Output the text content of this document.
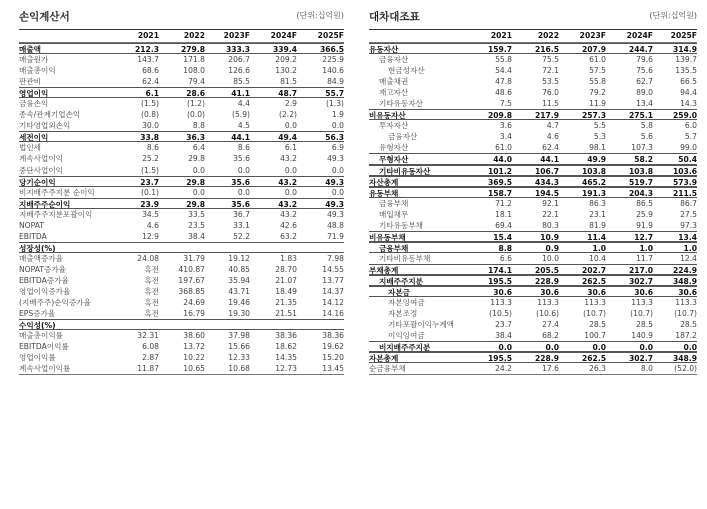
손익계산서	(단위:십억원)
2021	2022	2023F	2024F	2025F
매출액	212.3	279.8	333.3	339.4	366.5
매출원가	143.7	171.8	206.7	209.2	225.9
매출총이익	68.6	108.0	126.6	130.2	140.6
판관비	62.4	79.4	85.5	81.5	84.9
영업이익	6.1	28.6	41.1	48.7	55.7
금융손익	(1.5)	(1.2)	4.4	2.9	(1.3)
종속/관계기업손익	(0.8)	(0.0)	(5.9)	(2.2)	1.9
기타영업외손익	30.0	8.8	4.5	0.0	0.0
세전이익	33.8	36.3	44.1	49.4	56.3
법인세	8.6	6.4	8.6	6.1	6.9
계속사업이익	25.2	29.8	35.6	43.2	49.3
중단사업이익	(1.5)	0.0	0.0	0.0	0.0
당기순이익	23.7	29.8	35.6	43.2	49.3
비지배주주지분 순이익	(0.1)	0.0	0.0	0.0	0.0
지배주주순이익	23.9	29.8	35.6	43.2	49.3
지배주주지분포괄이익	34.5	33.5	36.7	43.2	49.3
NOPAT	4.6	23.5	33.1	42.6	48.8
EBITDA	12.9	38.4	52.2	63.2	71.9
성장성(%)
매출액증가율	24.08	31.79	19.12	1.83	7.98
NOPAT증가율	흑전	410.87	40.85	28.70	14.55
EBITDA증가율	흑전	197.67	35.94	21.07	13.77
영업이익증가율	흑전	368.85	43.71	18.49	14.37
(지배주주)순익증가율	흑전	24.69	19.46	21.35	14.12
EPS증가율	흑전	16.79	19.30	21.51	14.16
수익성(%)
매출총이익률	32.31	38.60	37.98	38.36	38.36
EBITDA이익률	6.08	13.72	15.66	18.62	19.62
영업이익률	2.87	10.22	12.33	14.35	15.20
계속사업이익률	11.87	10.65	10.68	12.73	13.45
대차대조표	(단위:십억원)
2021	2022	2023F	2024F	2025F
유동자산	159.7	216.5	207.9	244.7	314.9
금융자산	55.8	75.5	61.0	79.6	139.7
현금성자산	54.4	72.1	57.5	75.6	135.5
매출채권	47.8	53.5	55.8	62.7	66.5
재고자산	48.6	76.0	79.2	89.0	94.4
기타유동자산	7.5	11.5	11.9	13.4	14.3
비유동자산	209.8	217.9	257.3	275.1	259.0
투자자산	3.6	4.7	5.5	5.8	6.0
금융자산	3.4	4.6	5.3	5.6	5.7
유형자산	61.0	62.4	98.1	107.3	99.0
무형자산	44.0	44.1	49.9	58.2	50.4
기타비유동자산	101.2	106.7	103.8	103.8	103.6
자산총계	369.5	434.3	465.2	519.7	573.9
유동부채	158.7	194.5	191.3	204.3	211.5
금융부채	71.2	92.1	86.3	86.5	86.7
매입채무	18.1	22.1	23.1	25.9	27.5
기타유동부채	69.4	80.3	81.9	91.9	97.3
비유동부채	15.4	10.9	11.4	12.7	13.4
금융부채	8.8	0.9	1.0	1.0	1.0
기타비유동부채	6.6	10.0	10.4	11.7	12.4
부채총계	174.1	205.5	202.7	217.0	224.9
지배주주지분	195.5	228.9	262.5	302.7	348.9
자본금	30.6	30.6	30.6	30.6	30.6
자본잉여금	113.3	113.3	113.3	113.3	113.3
자본조정	(10.5)	(10.6)	(10.7)	(10.7)	(10.7)
기타포괄이익누계액	23.7	27.4	28.5	28.5	28.5
이익잉여금	38.4	68.2	100.7	140.9	187.2
비지배주주지분	0.0	0.0	0.0	0.0	0.0
자본총계	195.5	228.9	262.5	302.7	348.9
순금융부채	24.2	17.6	26.3	8.0	(52.0)
